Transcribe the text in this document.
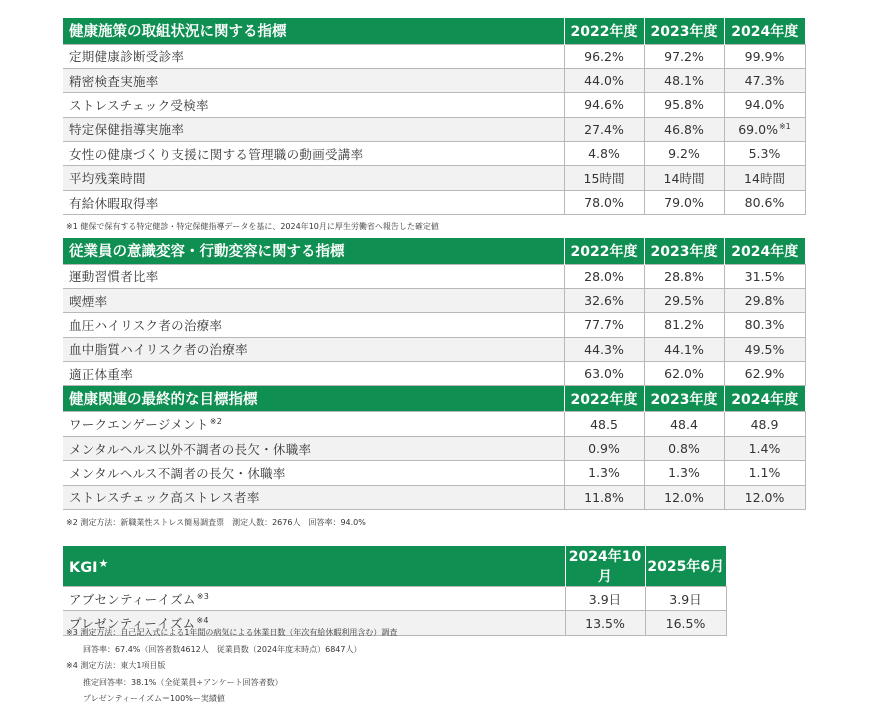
健康施策の取組状況に関する指標	2022年度	2023年度	2024年度
定期健康診断受診率	96.2%	97.2%	99.9%
精密検査実施率	44.0%	48.1%	47.3%
ストレスチェック受検率	94.6%	95.8%	94.0%
特定保健指導実施率	27.4%	46.8%	69.0%$^{※1}$
女性の健康づくり支援に関する管理職の動画受講率	4.8%	9.2%	5.3%
平均残業時間	15時間	14時間	14時間
有給休暇取得率	78.0%	79.0%	80.6%
※1 健保で保有する特定健診・特定保健指導データを基に、2024年10月に厚生労働省へ報告した確定値
従業員の意識変容・行動変容に関する指標	2022年度	2023年度	2024年度
運動習慣者比率	28.0%	28.8%	31.5%
喫煙率	32.6%	29.5%	29.8%
血圧ハイリスク者の治療率	77.7%	81.2%	80.3%
血中脂質ハイリスク者の治療率	44.3%	44.1%	49.5%
適正体重率	63.0%	62.0%	62.9%
健康関連の最終的な目標指標	2022年度	2023年度	2024年度
ワークエンゲージメント$^{※2}$	48.5	48.4	48.9
メンタルヘルス以外不調者の長欠・休職率	0.9%	0.8%	1.4%
メンタルヘルス不調者の長欠・休職率	1.3%	1.3%	1.1%
ストレスチェック高ストレス者率	11.8%	12.0%	12.0%
※2 測定方法：新職業性ストレス簡易調査票　測定人数：2676人　回答率：94.0%
KGI★	2024年10月	2025年6月
アブセンティーイズム$^{※3}$	3.9日	3.9日
プレゼンティーイズム$^{※4}$	13.5%	16.5%
※3 測定方法：自己記入式による1年間の病気による休業日数（年次有給休暇利用含む）調査
回答率：67.4%（回答者数4612人　従業員数（2024年度末時点）6847人）
※4 測定方法：東大1項目版
推定回答率：38.1%（全従業員÷アンケート回答者数）
プレゼンティーイズム＝100%ー実績値
